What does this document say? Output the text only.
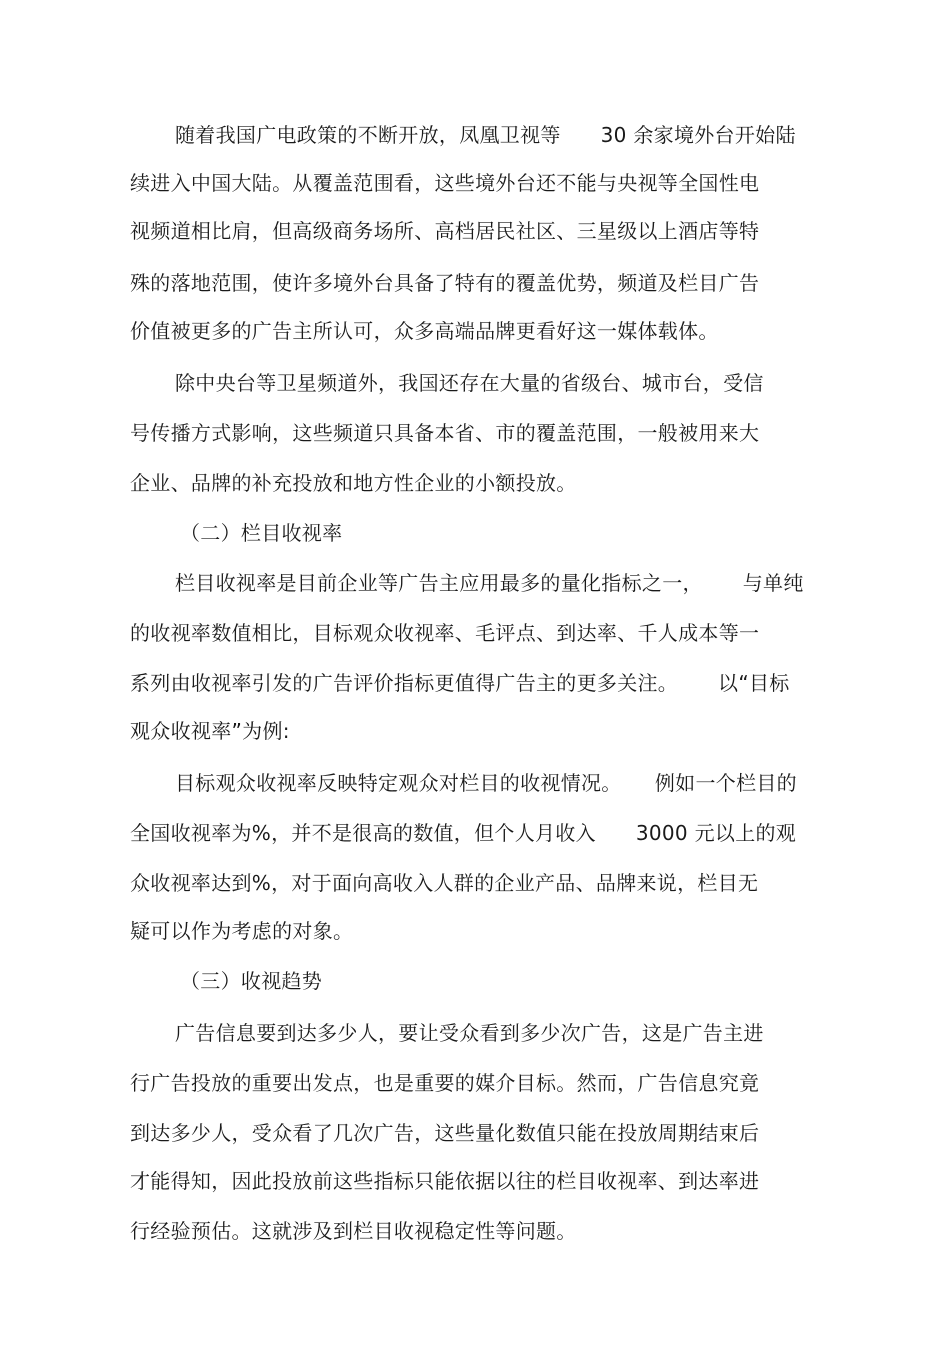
随着我国广电政策的不断开放，凤凰卫视等      30 余家境外台开始陆

续进入中国大陆。从覆盖范围看，这些境外台还不能与央视等全国性电

视频道相比肩，但高级商务场所、高档居民社区、三星级以上酒店等特

殊的落地范围，使许多境外台具备了特有的覆盖优势，频道及栏目广告

价值被更多的广告主所认可，众多高端品牌更看好这一媒体载体。

除中央台等卫星频道外，我国还存在大量的省级台、城市台，受信

号传播方式影响，这些频道只具备本省、市的覆盖范围，一般被用来大

企业、品牌的补充投放和地方性企业的小额投放。

（二）栏目收视率

栏目收视率是目前企业等广告主应用最多的量化指标之一，      与单纯

的收视率数值相比，目标观众收视率、毛评点、到达率、千人成本等一

系列由收视率引发的广告评价指标更值得广告主的更多关注。      以“目标

观众收视率”为例:

目标观众收视率反映特定观众对栏目的收视情况。     例如一个栏目的

全国收视率为%，并不是很高的数值，但个人月收入      3000 元以上的观

众收视率达到%，对于面向高收入人群的企业产品、品牌来说，栏目无

疑可以作为考虑的对象。

（三）收视趋势

广告信息要到达多少人，要让受众看到多少次广告，这是广告主进

行广告投放的重要出发点，也是重要的媒介目标。然而，广告信息究竟

到达多少人，受众看了几次广告，这些量化数值只能在投放周期结束后

才能得知，因此投放前这些指标只能依据以往的栏目收视率、到达率进

行经验预估。这就涉及到栏目收视稳定性等问题。
